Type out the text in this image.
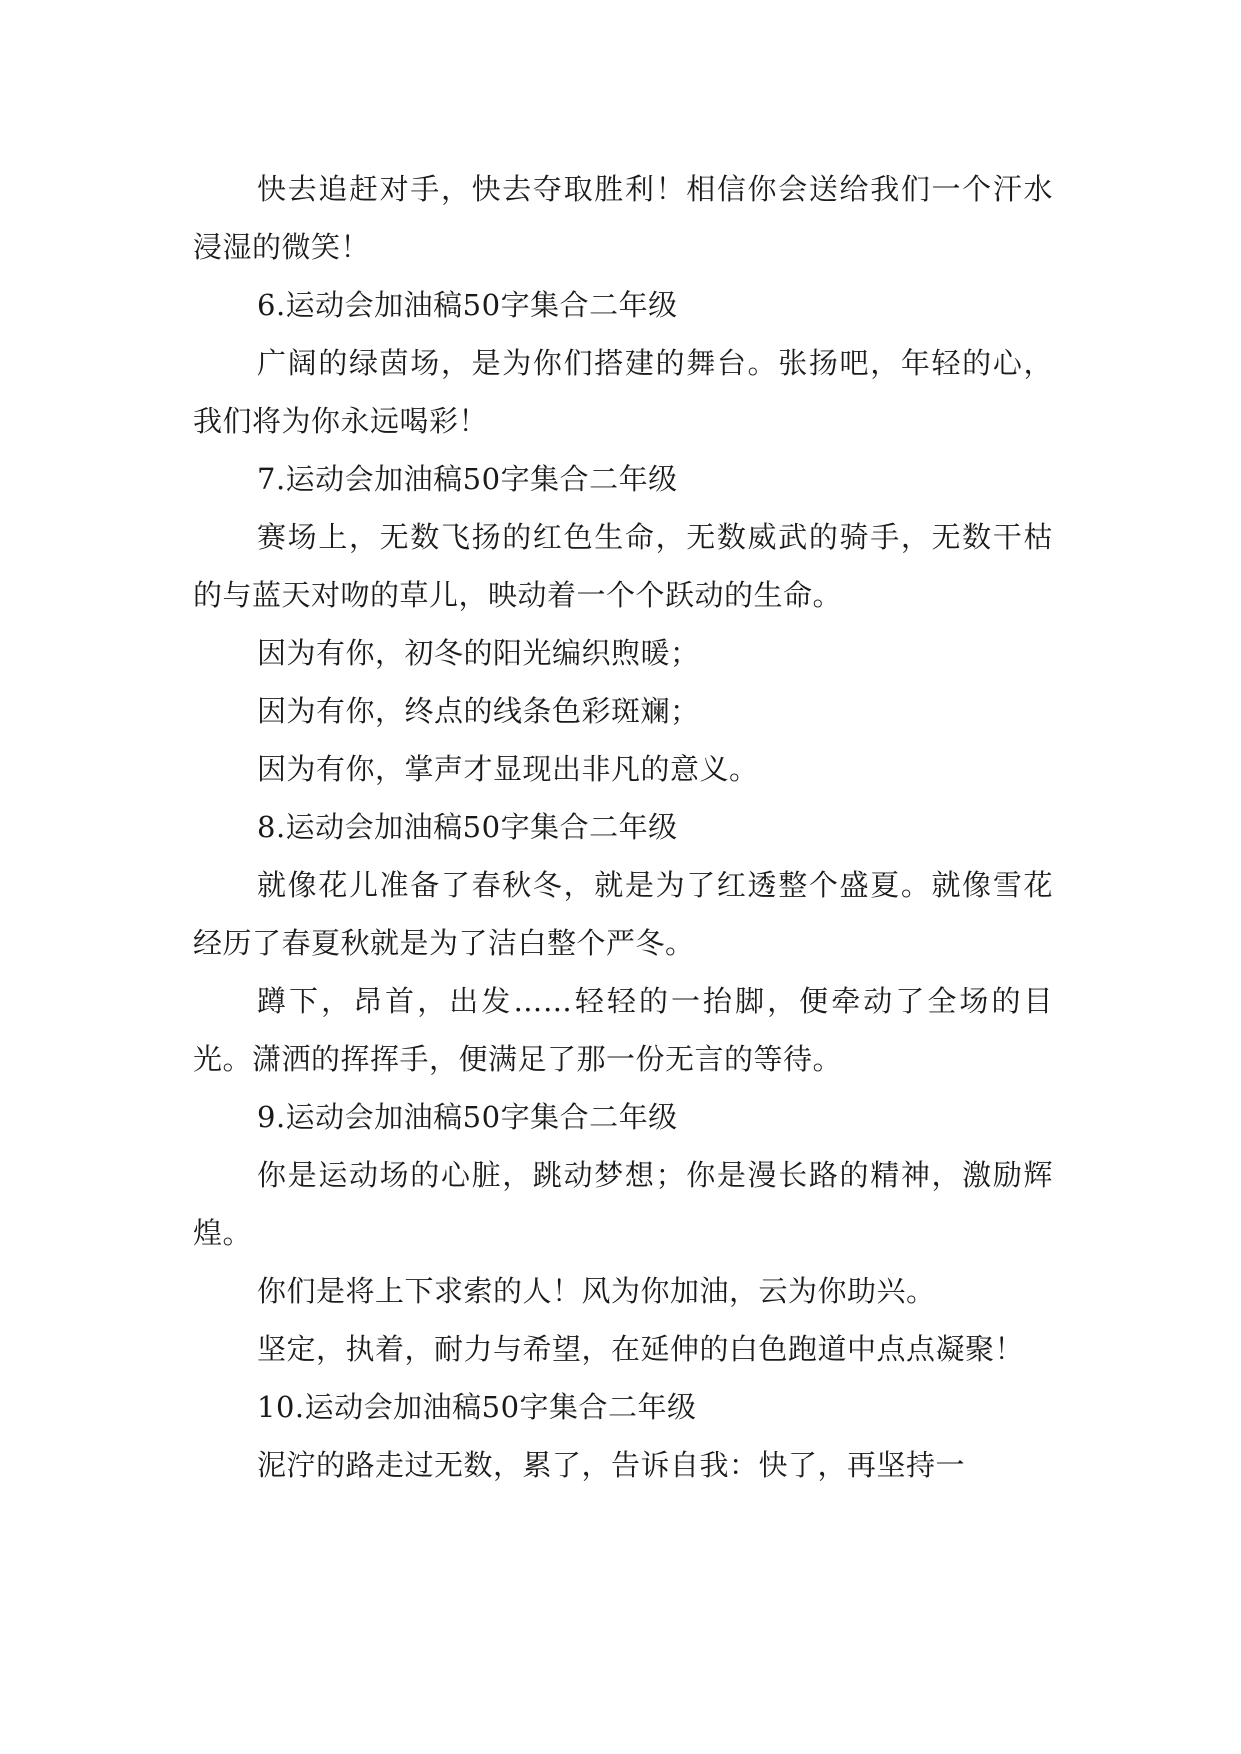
快去追赶对手，快去夺取胜利！相信你会送给我们一个汗水浸湿的微笑！

6.运动会加油稿50字集合二年级

广阔的绿茵场，是为你们搭建的舞台。张扬吧，年轻的心，我们将为你永远喝彩！

7.运动会加油稿50字集合二年级

赛场上，无数飞扬的红色生命，无数威武的骑手，无数干枯的与蓝天对吻的草儿，映动着一个个跃动的生命。

因为有你，初冬的阳光编织煦暖；

因为有你，终点的线条色彩斑斓；

因为有你，掌声才显现出非凡的意义。

8.运动会加油稿50字集合二年级

就像花儿准备了春秋冬，就是为了红透整个盛夏。就像雪花经历了春夏秋就是为了洁白整个严冬。

蹲下，昂首，出发……轻轻的一抬脚，便牵动了全场的目光。潇洒的挥挥手，便满足了那一份无言的等待。

9.运动会加油稿50字集合二年级

你是运动场的心脏，跳动梦想；你是漫长路的精神，激励辉煌。

你们是将上下求索的人！风为你加油，云为你助兴。

坚定，执着，耐力与希望，在延伸的白色跑道中点点凝聚！

10.运动会加油稿50字集合二年级

泥泞的路走过无数，累了，告诉自我：快了，再坚持一
